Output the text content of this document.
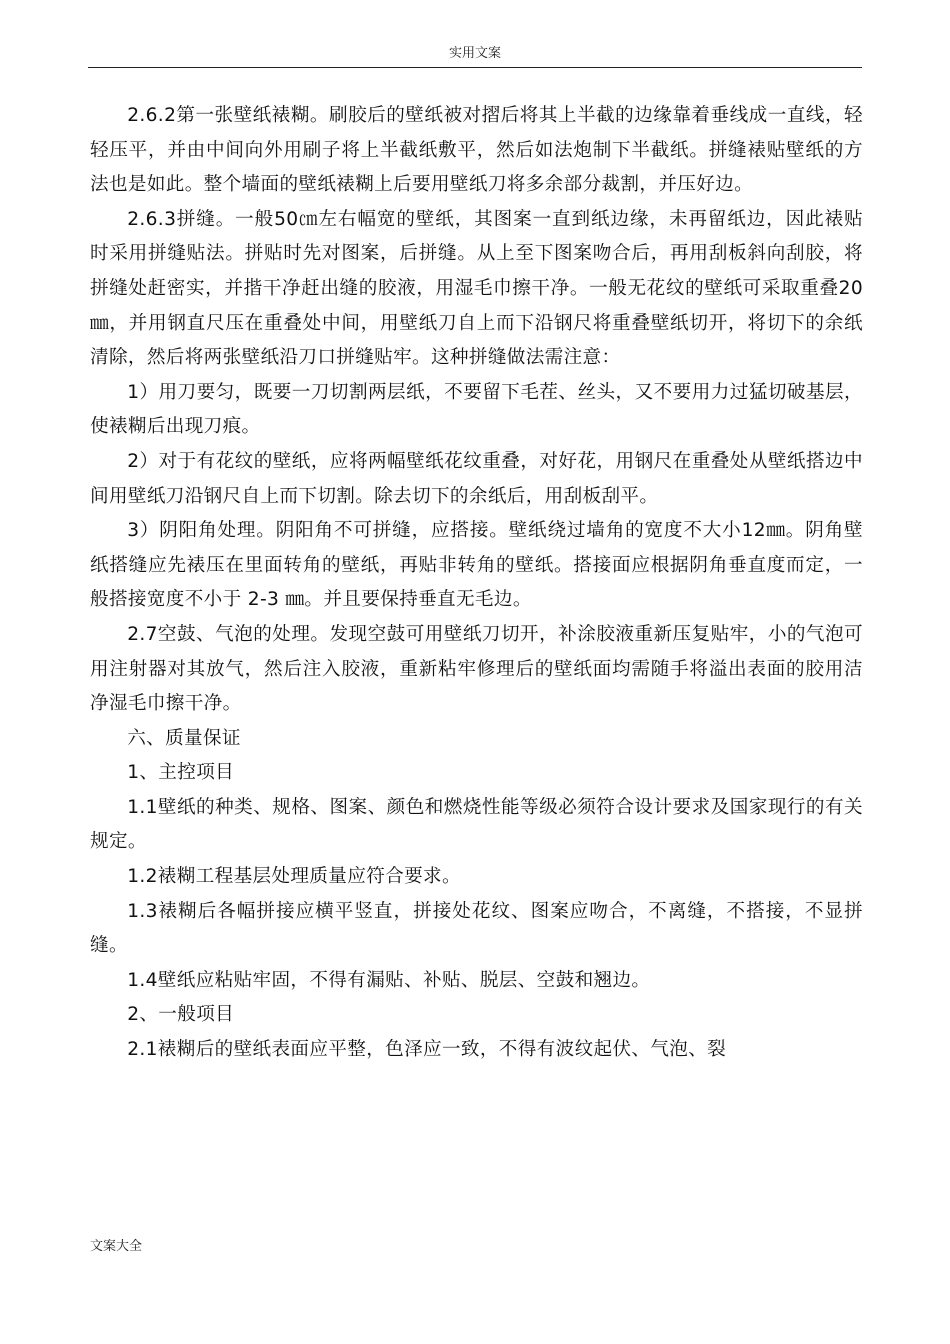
实用文案

2.6.2第一张壁纸裱糊。刷胶后的壁纸被对摺后将其上半截的边缘靠着垂线成一直线，轻轻压平，并由中间向外用刷子将上半截纸敷平，然后如法炮制下半截纸。拼缝裱贴壁纸的方法也是如此。整个墙面的壁纸裱糊上后要用壁纸刀将多余部分裁割，并压好边。

2.6.3拼缝。一般50㎝左右幅宽的壁纸，其图案一直到纸边缘，未再留纸边，因此裱贴时采用拼缝贴法。拼贴时先对图案，后拼缝。从上至下图案吻合后，再用刮板斜向刮胶，将拼缝处赶密实，并揩干净赶出缝的胶液，用湿毛巾擦干净。一般无花纹的壁纸可采取重叠20㎜，并用钢直尺压在重叠处中间，用壁纸刀自上而下沿钢尺将重叠壁纸切开，将切下的余纸清除，然后将两张壁纸沿刀口拼缝贴牢。这种拼缝做法需注意：

1）用刀要匀，既要一刀切割两层纸，不要留下毛茬、丝头，又不要用力过猛切破基层，使裱糊后出现刀痕。

2）对于有花纹的壁纸，应将两幅壁纸花纹重叠，对好花，用钢尺在重叠处从壁纸搭边中间用壁纸刀沿钢尺自上而下切割。除去切下的余纸后，用刮板刮平。

3）阴阳角处理。阴阳角不可拼缝，应搭接。壁纸绕过墙角的宽度不大小12㎜。阴角壁纸搭缝应先裱压在里面转角的壁纸，再贴非转角的壁纸。搭接面应根据阴角垂直度而定，一般搭接宽度不小于 2-3 ㎜。并且要保持垂直无毛边。

2.7空鼓、气泡的处理。发现空鼓可用壁纸刀切开，补涂胶液重新压复贴牢，小的气泡可用注射器对其放气，然后注入胶液，重新粘牢修理后的壁纸面均需随手将溢出表面的胶用洁净湿毛巾擦干净。

六、质量保证

1、主控项目

1.1壁纸的种类、规格、图案、颜色和燃烧性能等级必须符合设计要求及国家现行的有关规定。

1.2裱糊工程基层处理质量应符合要求。

1.3裱糊后各幅拼接应横平竖直，拼接处花纹、图案应吻合，不离缝，不搭接，不显拼缝。

1.4壁纸应粘贴牢固，不得有漏贴、补贴、脱层、空鼓和翘边。

2、一般项目

2.1裱糊后的壁纸表面应平整，色泽应一致，不得有波纹起伏、气泡、裂

文案大全
